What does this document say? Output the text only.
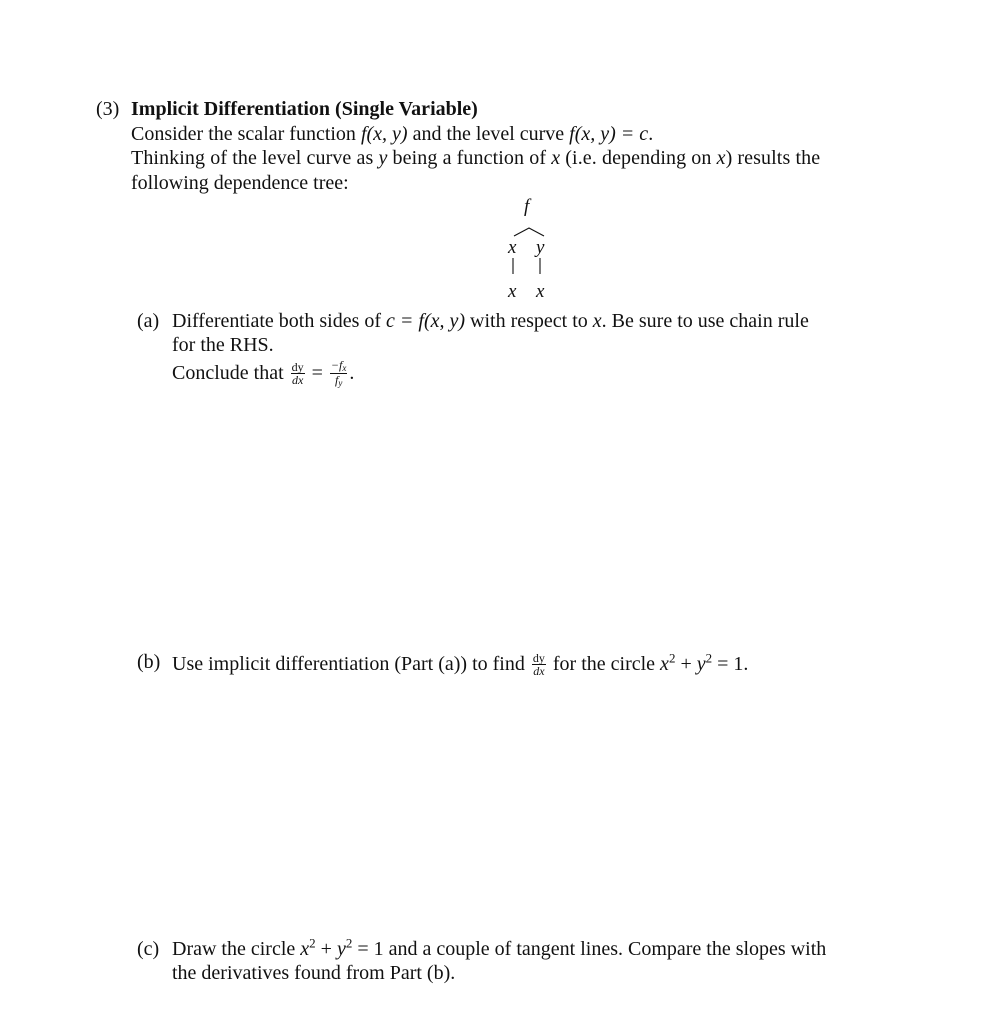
(3) Implicit Differentiation (Single Variable)
Consider the scalar function f(x, y) and the level curve f(x, y) = c.
Thinking of the level curve as y being a function of x (i.e. depending on x) results the
following dependence tree:
f
x y
x x
(a) Differentiate both sides of c = f(x, y) with respect to x. Be sure to use chain rule
for the RHS.
Conclude that $\frac{dy}{dx} = \frac{-f_x}{f_y}$ .
(b) Use implicit differentiation (Part (a)) to find $\frac{dy}{dx}$ for the circle $x^2 + y^2 = 1$.
(c) Draw the circle $x^2 + y^2 = 1$ and a couple of tangent lines. Compare the slopes with
the derivatives found from Part (b).
